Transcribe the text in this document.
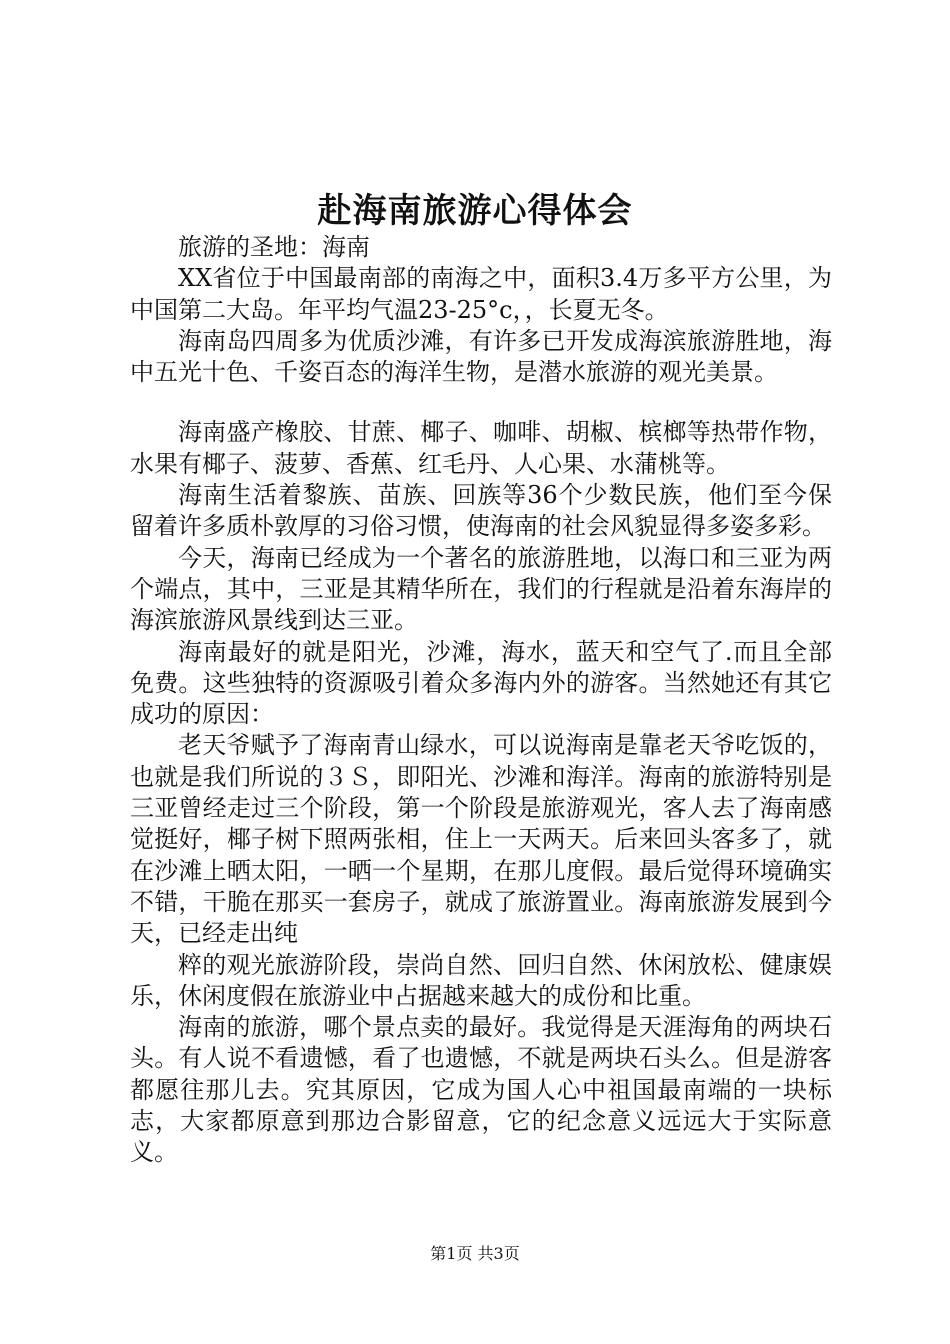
赴海南旅游心得体会

旅游的圣地：海南

XX省位于中国最南部的南海之中，面积3.4万多平方公里，为中国第二大岛。年平均气温23-25°c，，长夏无冬。

海南岛四周多为优质沙滩，有许多已开发成海滨旅游胜地，海中五光十色、千姿百态的海洋生物，是潜水旅游的观光美景。

海南盛产橡胶、甘蔗、椰子、咖啡、胡椒、槟榔等热带作物，水果有椰子、菠萝、香蕉、红毛丹、人心果、水蒲桃等。

海南生活着黎族、苗族、回族等36个少数民族，他们至今保留着许多质朴敦厚的习俗习惯，使海南的社会风貌显得多姿多彩。

今天，海南已经成为一个著名的旅游胜地，以海口和三亚为两个端点，其中，三亚是其精华所在，我们的行程就是沿着东海岸的海滨旅游风景线到达三亚。

海南最好的就是阳光，沙滩，海水，蓝天和空气了.而且全部免费。这些独特的资源吸引着众多海内外的游客。当然她还有其它成功的原因：

老天爷赋予了海南青山绿水，可以说海南是靠老天爷吃饭的，也就是我们所说的３Ｓ，即阳光、沙滩和海洋。海南的旅游特别是三亚曾经走过三个阶段，第一个阶段是旅游观光，客人去了海南感觉挺好，椰子树下照两张相，住上一天两天。后来回头客多了，就在沙滩上晒太阳，一晒一个星期，在那儿度假。最后觉得环境确实不错，干脆在那买一套房子，就成了旅游置业。海南旅游发展到今天，已经走出纯

粹的观光旅游阶段，崇尚自然、回归自然、休闲放松、健康娱乐，休闲度假在旅游业中占据越来越大的成份和比重。

海南的旅游，哪个景点卖的最好。我觉得是天涯海角的两块石头。有人说不看遗憾，看了也遗憾，不就是两块石头么。但是游客都愿往那儿去。究其原因，它成为国人心中祖国最南端的一块标志，大家都原意到那边合影留意，它的纪念意义远远大于实际意义。

第1页 共3页
